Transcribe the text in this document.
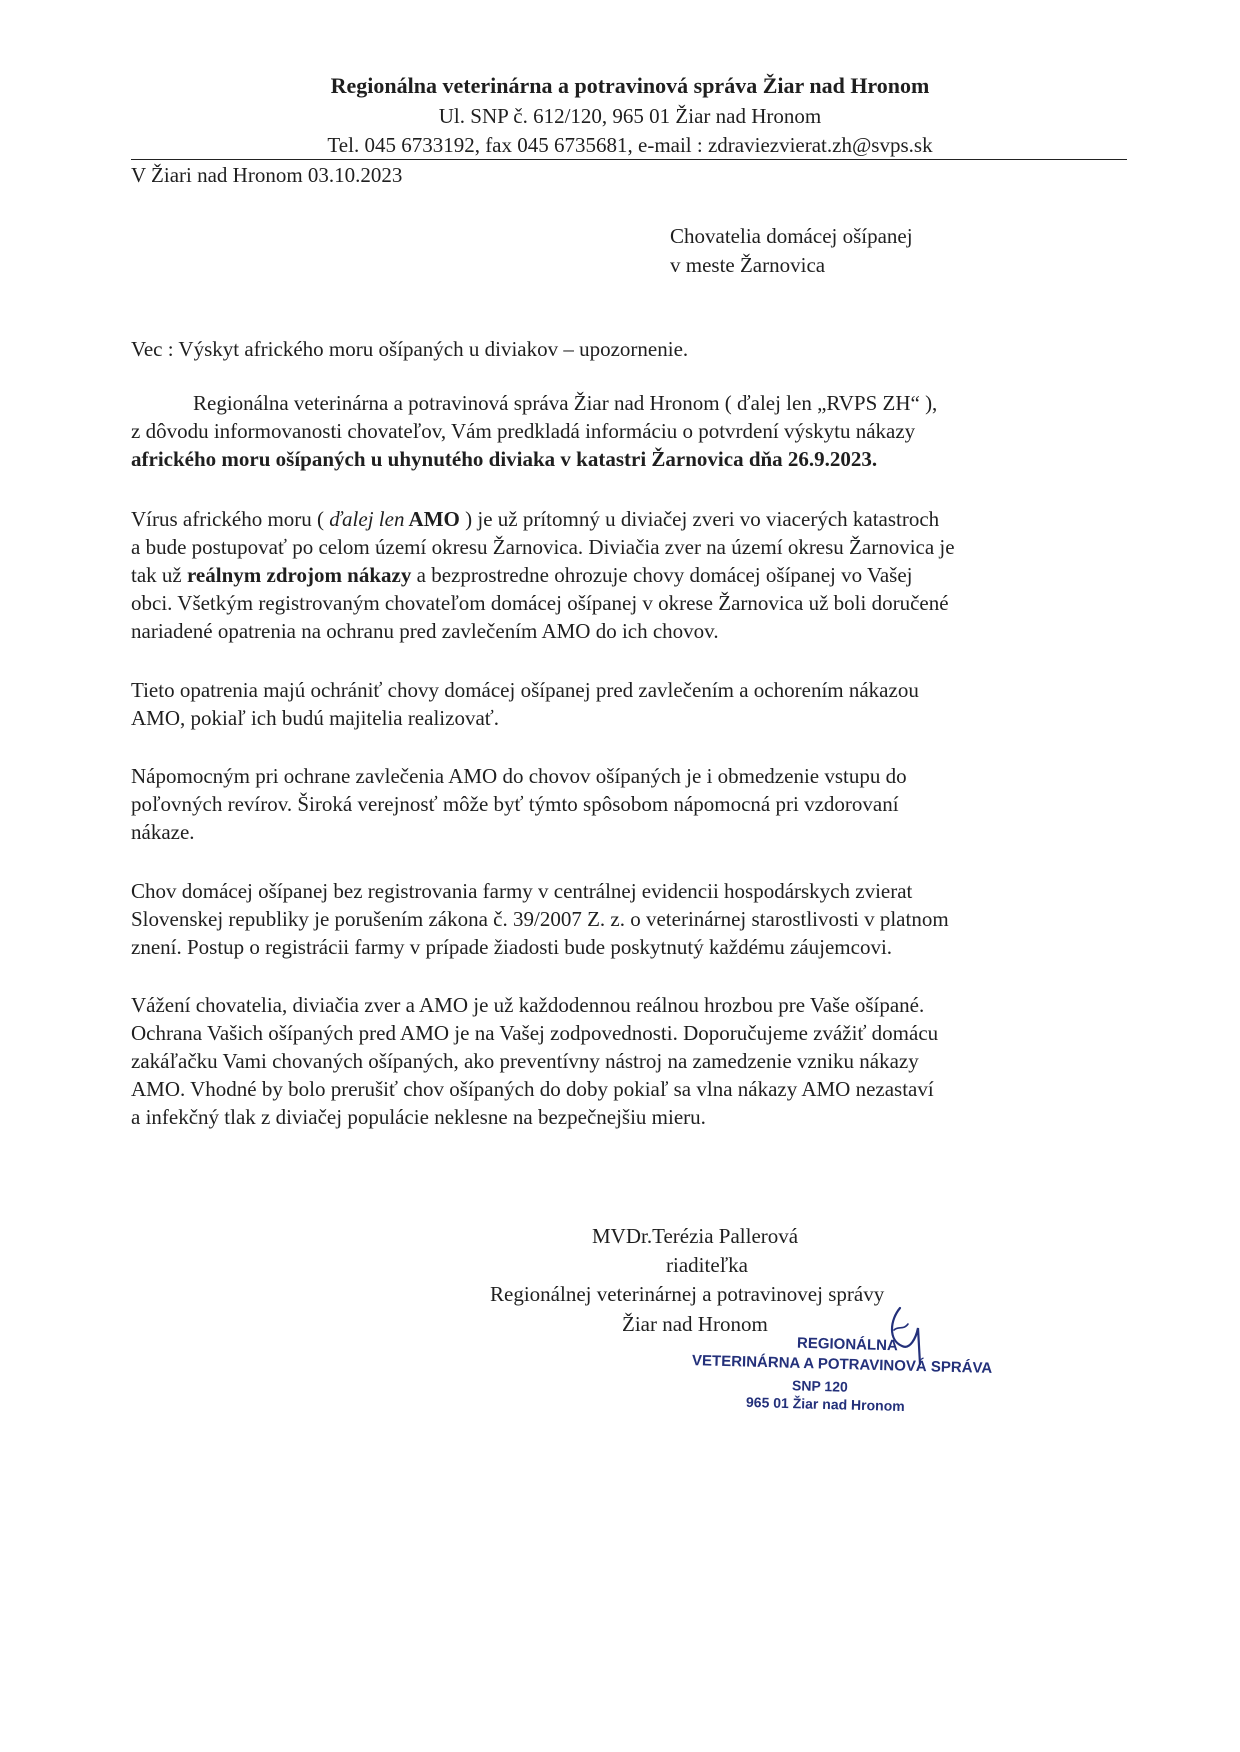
Regionálna veterinárna a potravinová správa Žiar nad Hronom
Ul. SNP č. 612/120, 965 01 Žiar nad Hronom
Tel. 045 6733192, fax 045 6735681, e-mail : zdraviezvierat.zh@svps.sk
V Žiari nad Hronom 03.10.2023
Chovatelia domácej ošípanej
v meste Žarnovica
Vec : Výskyt afrického moru ošípaných u diviakov – upozornenie.
Regionálna veterinárna a potravinová správa Žiar nad Hronom ( ďalej len „RVPS ZH“ ),
z dôvodu informovanosti chovateľov, Vám predkladá informáciu o potvrdení výskytu nákazy
afrického moru ošípaných u uhynutého diviaka v katastri Žarnovica dňa 26.9.2023.
Vírus afrického moru ( ďalej len AMO ) je už prítomný u diviačej zveri vo viacerých katastroch
a bude postupovať po celom území okresu Žarnovica. Diviačia zver na území okresu Žarnovica je
tak už reálnym zdrojom nákazy a bezprostredne ohrozuje chovy domácej ošípanej vo Vašej
obci. Všetkým registrovaným chovateľom domácej ošípanej v okrese Žarnovica už boli doručené
nariadené opatrenia na ochranu pred zavlečením AMO do ich chovov.
Tieto opatrenia majú ochrániť chovy domácej ošípanej pred zavlečením a ochorením nákazou
AMO, pokiaľ ich budú majitelia realizovať.
Nápomocným pri ochrane zavlečenia AMO do chovov ošípaných je i obmedzenie vstupu do
poľovných revírov. Široká verejnosť môže byť týmto spôsobom nápomocná pri vzdorovaní
nákaze.
Chov domácej ošípanej bez registrovania farmy v centrálnej evidencii hospodárskych zvierat
Slovenskej republiky je porušením zákona č. 39/2007 Z. z. o veterinárnej starostlivosti v platnom
znení. Postup o registrácii farmy v prípade žiadosti bude poskytnutý každému záujemcovi.
Vážení chovatelia, diviačia zver a AMO je už každodennou reálnou hrozbou pre Vaše ošípané.
Ochrana Vašich ošípaných pred AMO je na Vašej zodpovednosti. Doporučujeme zvážiť domácu
zakáľačku Vami chovaných ošípaných, ako preventívny nástroj na zamedzenie vzniku nákazy
AMO. Vhodné by bolo prerušiť chov ošípaných do doby pokiaľ sa vlna nákazy AMO nezastaví
a infekčný tlak z diviačej populácie neklesne na bezpečnejšiu mieru.
MVDr.Terézia Pallerová
riaditeľka
Regionálnej veterinárnej a potravinovej správy
Žiar nad Hronom
REGIONÁLNA
VETERINÁRNA A POTRAVINOVÁ SPRÁVA
SNP 120
965 01 Žiar nad Hronom
